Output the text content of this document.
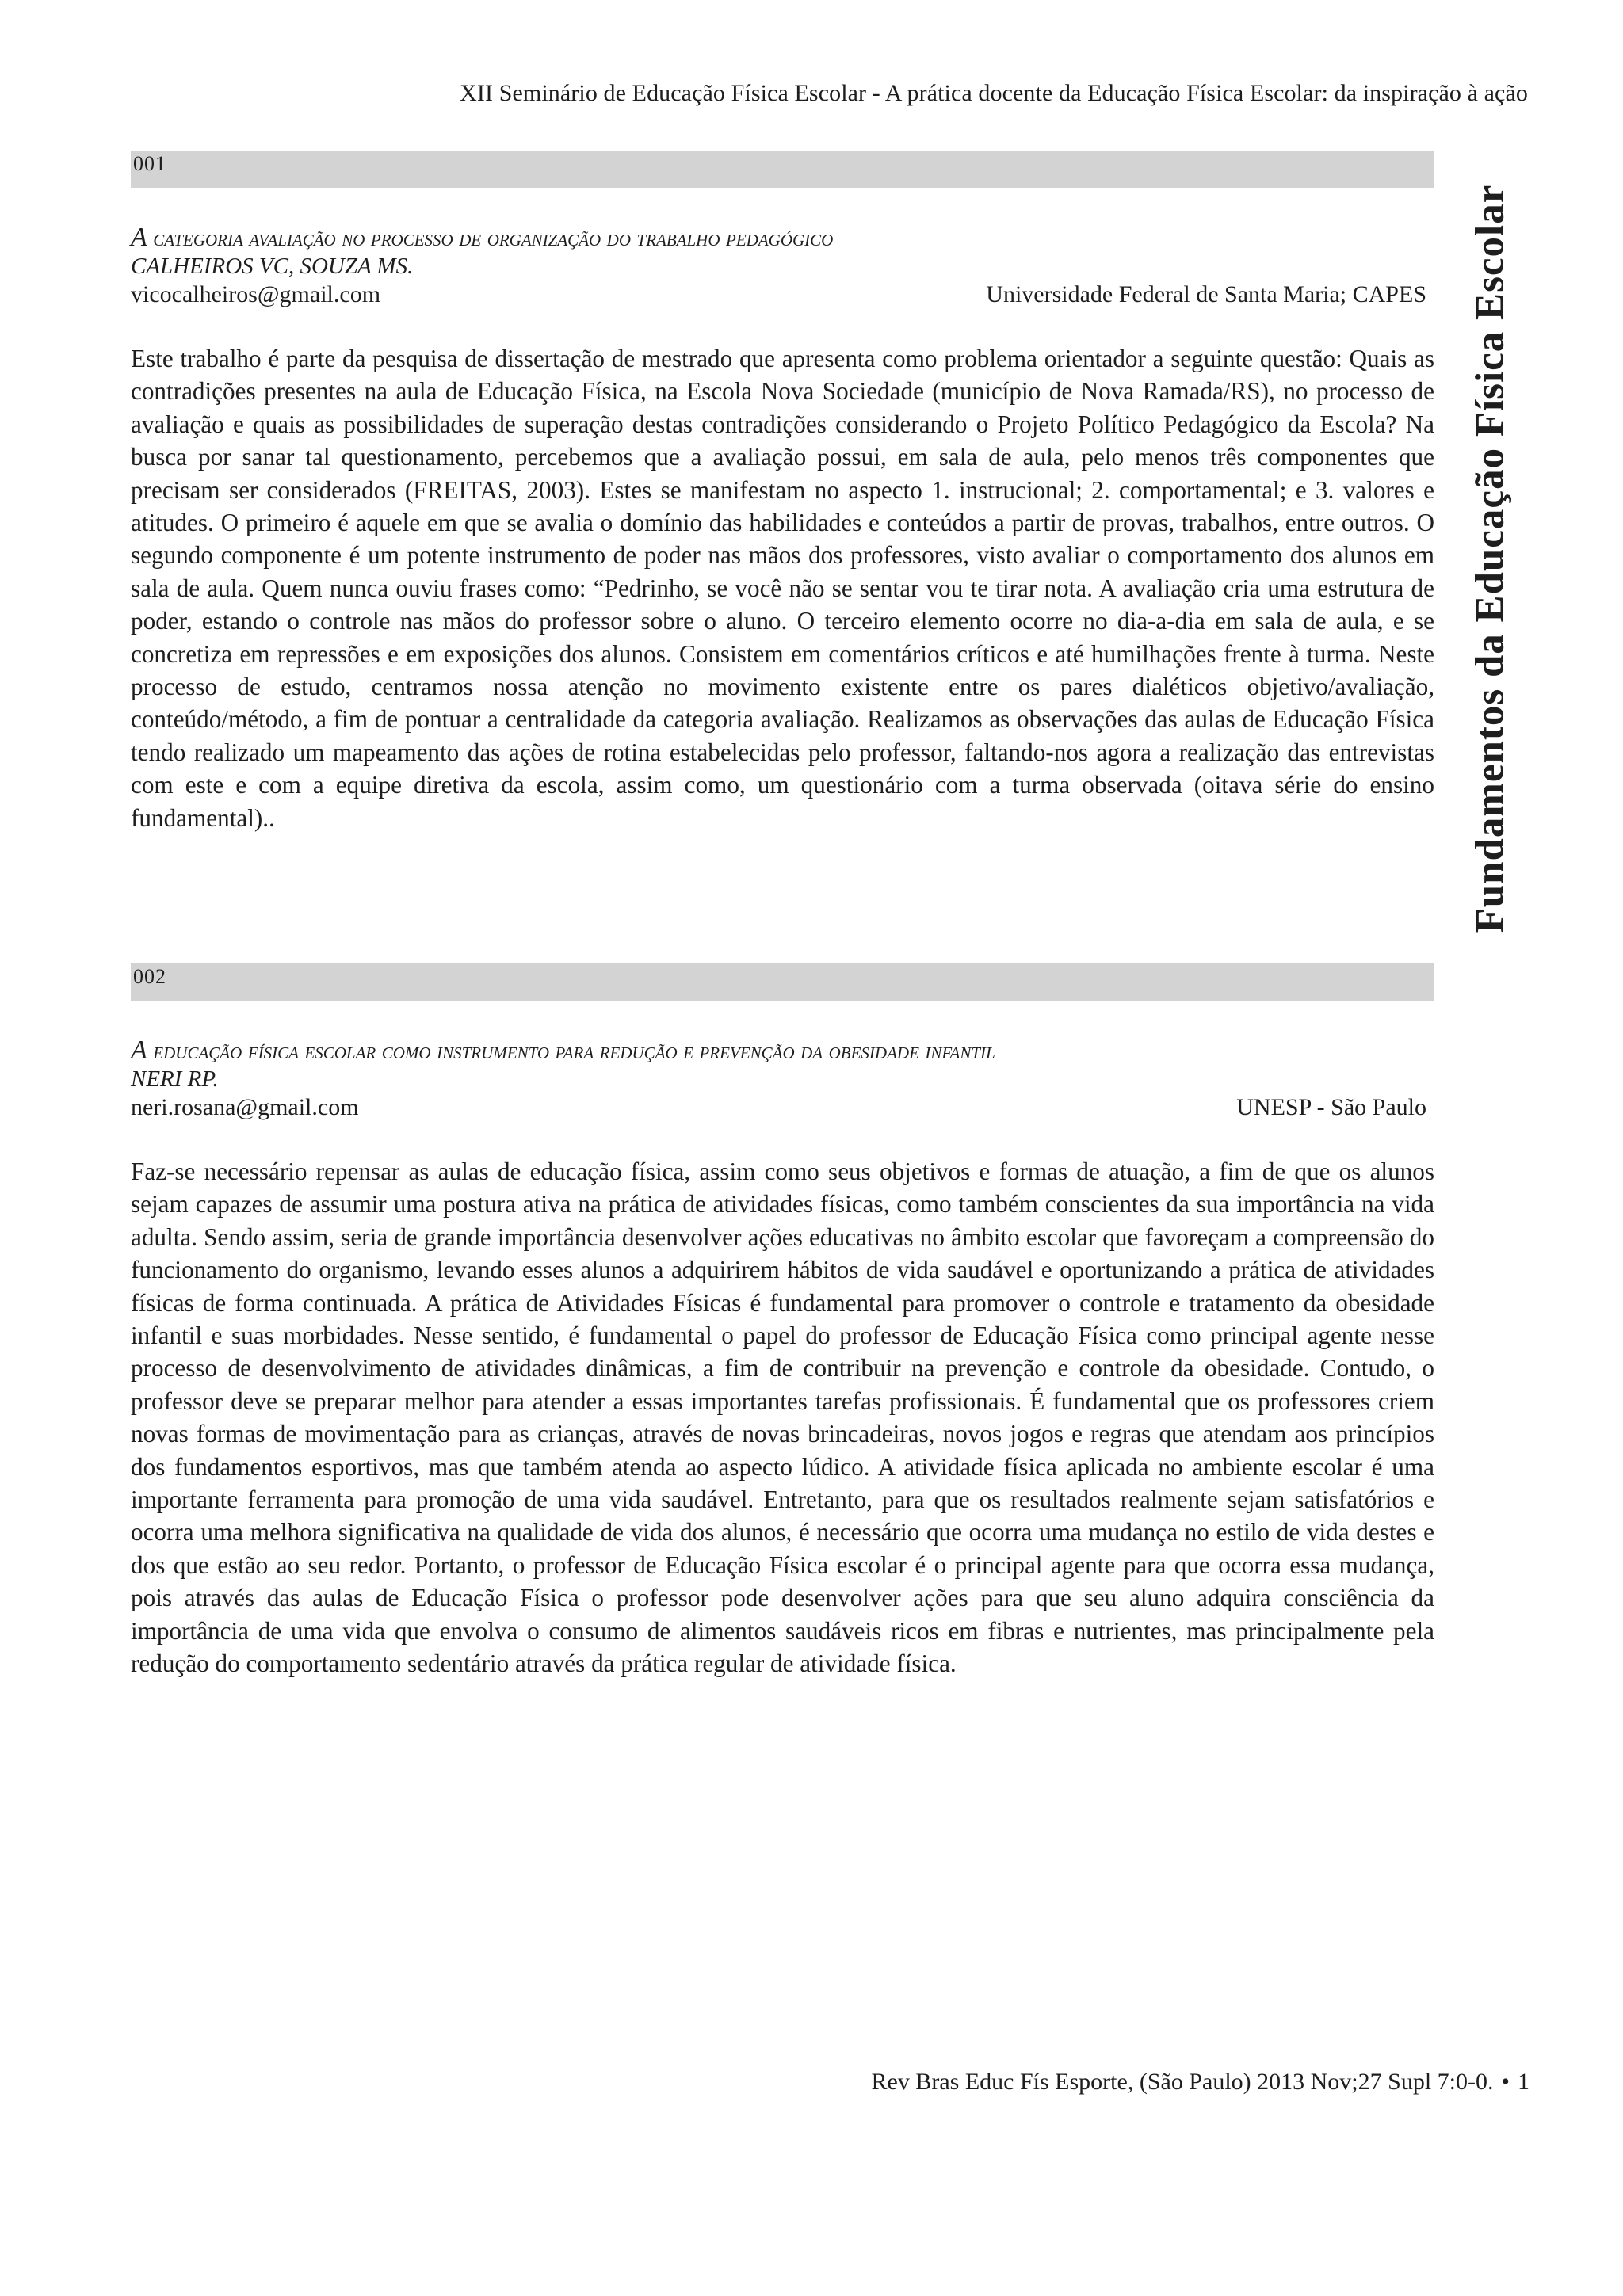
XII Seminário de Educação Física Escolar - A prática docente da Educação Física Escolar: da inspiração à ação
Fundamentos da Educação Física Escolar
001
A categoria avaliação no processo de organização do trabalho pedagógico
CALHEIROS VC, SOUZA MS.
vicocalheiros@gmail.com	Universidade Federal de Santa Maria; CAPES
Este trabalho é parte da pesquisa de dissertação de mestrado que apresenta como problema orientador a seguinte questão: Quais as contradições presentes na aula de Educação Física, na Escola Nova Sociedade (município de Nova Ramada/RS), no processo de avaliação e quais as possibilidades de superação destas contradições considerando o Projeto Político Pedagógico da Escola? Na busca por sanar tal questionamento, percebemos que a avaliação possui, em sala de aula, pelo menos três componentes que precisam ser considerados (FREITAS, 2003). Estes se manifestam no aspecto 1. instrucional; 2. comportamental; e 3. valores e atitudes. O primeiro é aquele em que se avalia o domínio das habilidades e conteúdos a partir de provas, trabalhos, entre outros. O segundo componente é um potente instrumento de poder nas mãos dos professores, visto avaliar o comportamento dos alunos em sala de aula. Quem nunca ouviu frases como: “Pedrinho, se você não se sentar vou te tirar nota. A avaliação cria uma estrutura de poder, estando o controle nas mãos do professor sobre o aluno. O terceiro elemento ocorre no dia-a-dia em sala de aula, e se concretiza em repressões e em exposições dos alunos. Consistem em comentários críticos e até humilhações frente à turma. Neste processo de estudo, centramos nossa atenção no movimento existente entre os pares dialéticos objetivo/avaliação, conteúdo/método, a fim de pontuar a centralidade da categoria avaliação. Realizamos as observações das aulas de Educação Física tendo realizado um mapeamento das ações de rotina estabelecidas pelo professor, faltando-nos agora a realização das entrevistas com este e com a equipe diretiva da escola, assim como, um questionário com a turma observada (oitava série do ensino fundamental)..
002
A educação física escolar como instrumento para redução e prevenção da obesidade infantil
NERI RP.
neri.rosana@gmail.com	UNESP - São Paulo
Faz-se necessário repensar as aulas de educação física, assim como seus objetivos e formas de atuação, a fim de que os alunos sejam capazes de assumir uma postura ativa na prática de atividades físicas, como também conscientes da sua importância na vida adulta. Sendo assim, seria de grande importância desenvolver ações educativas no âmbito escolar que favoreçam a compreensão do funcionamento do organismo, levando esses alunos a adquirirem hábitos de vida saudável e oportunizando a prática de atividades físicas de forma continuada. A prática de Atividades Físicas é fundamental para promover o controle e tratamento da obesidade infantil e suas morbidades. Nesse sentido, é fundamental o papel do professor de Educação Física como principal agente nesse processo de desenvolvimento de atividades dinâmicas, a fim de contribuir na prevenção e controle da obesidade. Contudo, o professor deve se preparar melhor para atender a essas importantes tarefas profissionais. É fundamental que os professores criem novas formas de movimentação para as crianças, através de novas brincadeiras, novos jogos e regras que atendam aos princípios dos fundamentos esportivos, mas que também atenda ao aspecto lúdico. A atividade física aplicada no ambiente escolar é uma importante ferramenta para promoção de uma vida saudável. Entretanto, para que os resultados realmente sejam satisfatórios e ocorra uma melhora significativa na qualidade de vida dos alunos, é necessário que ocorra uma mudança no estilo de vida destes e dos que estão ao seu redor. Portanto, o professor de Educação Física escolar é o principal agente para que ocorra essa mudança, pois através das aulas de Educação Física o professor pode desenvolver ações para que seu aluno adquira consciência da importância de uma vida que envolva o consumo de alimentos saudáveis ricos em fibras e nutrientes, mas principalmente pela redução do comportamento sedentário através da prática regular de atividade física.
Rev Bras Educ Fís Esporte, (São Paulo) 2013 Nov;27 Supl 7:0-0. • 1
